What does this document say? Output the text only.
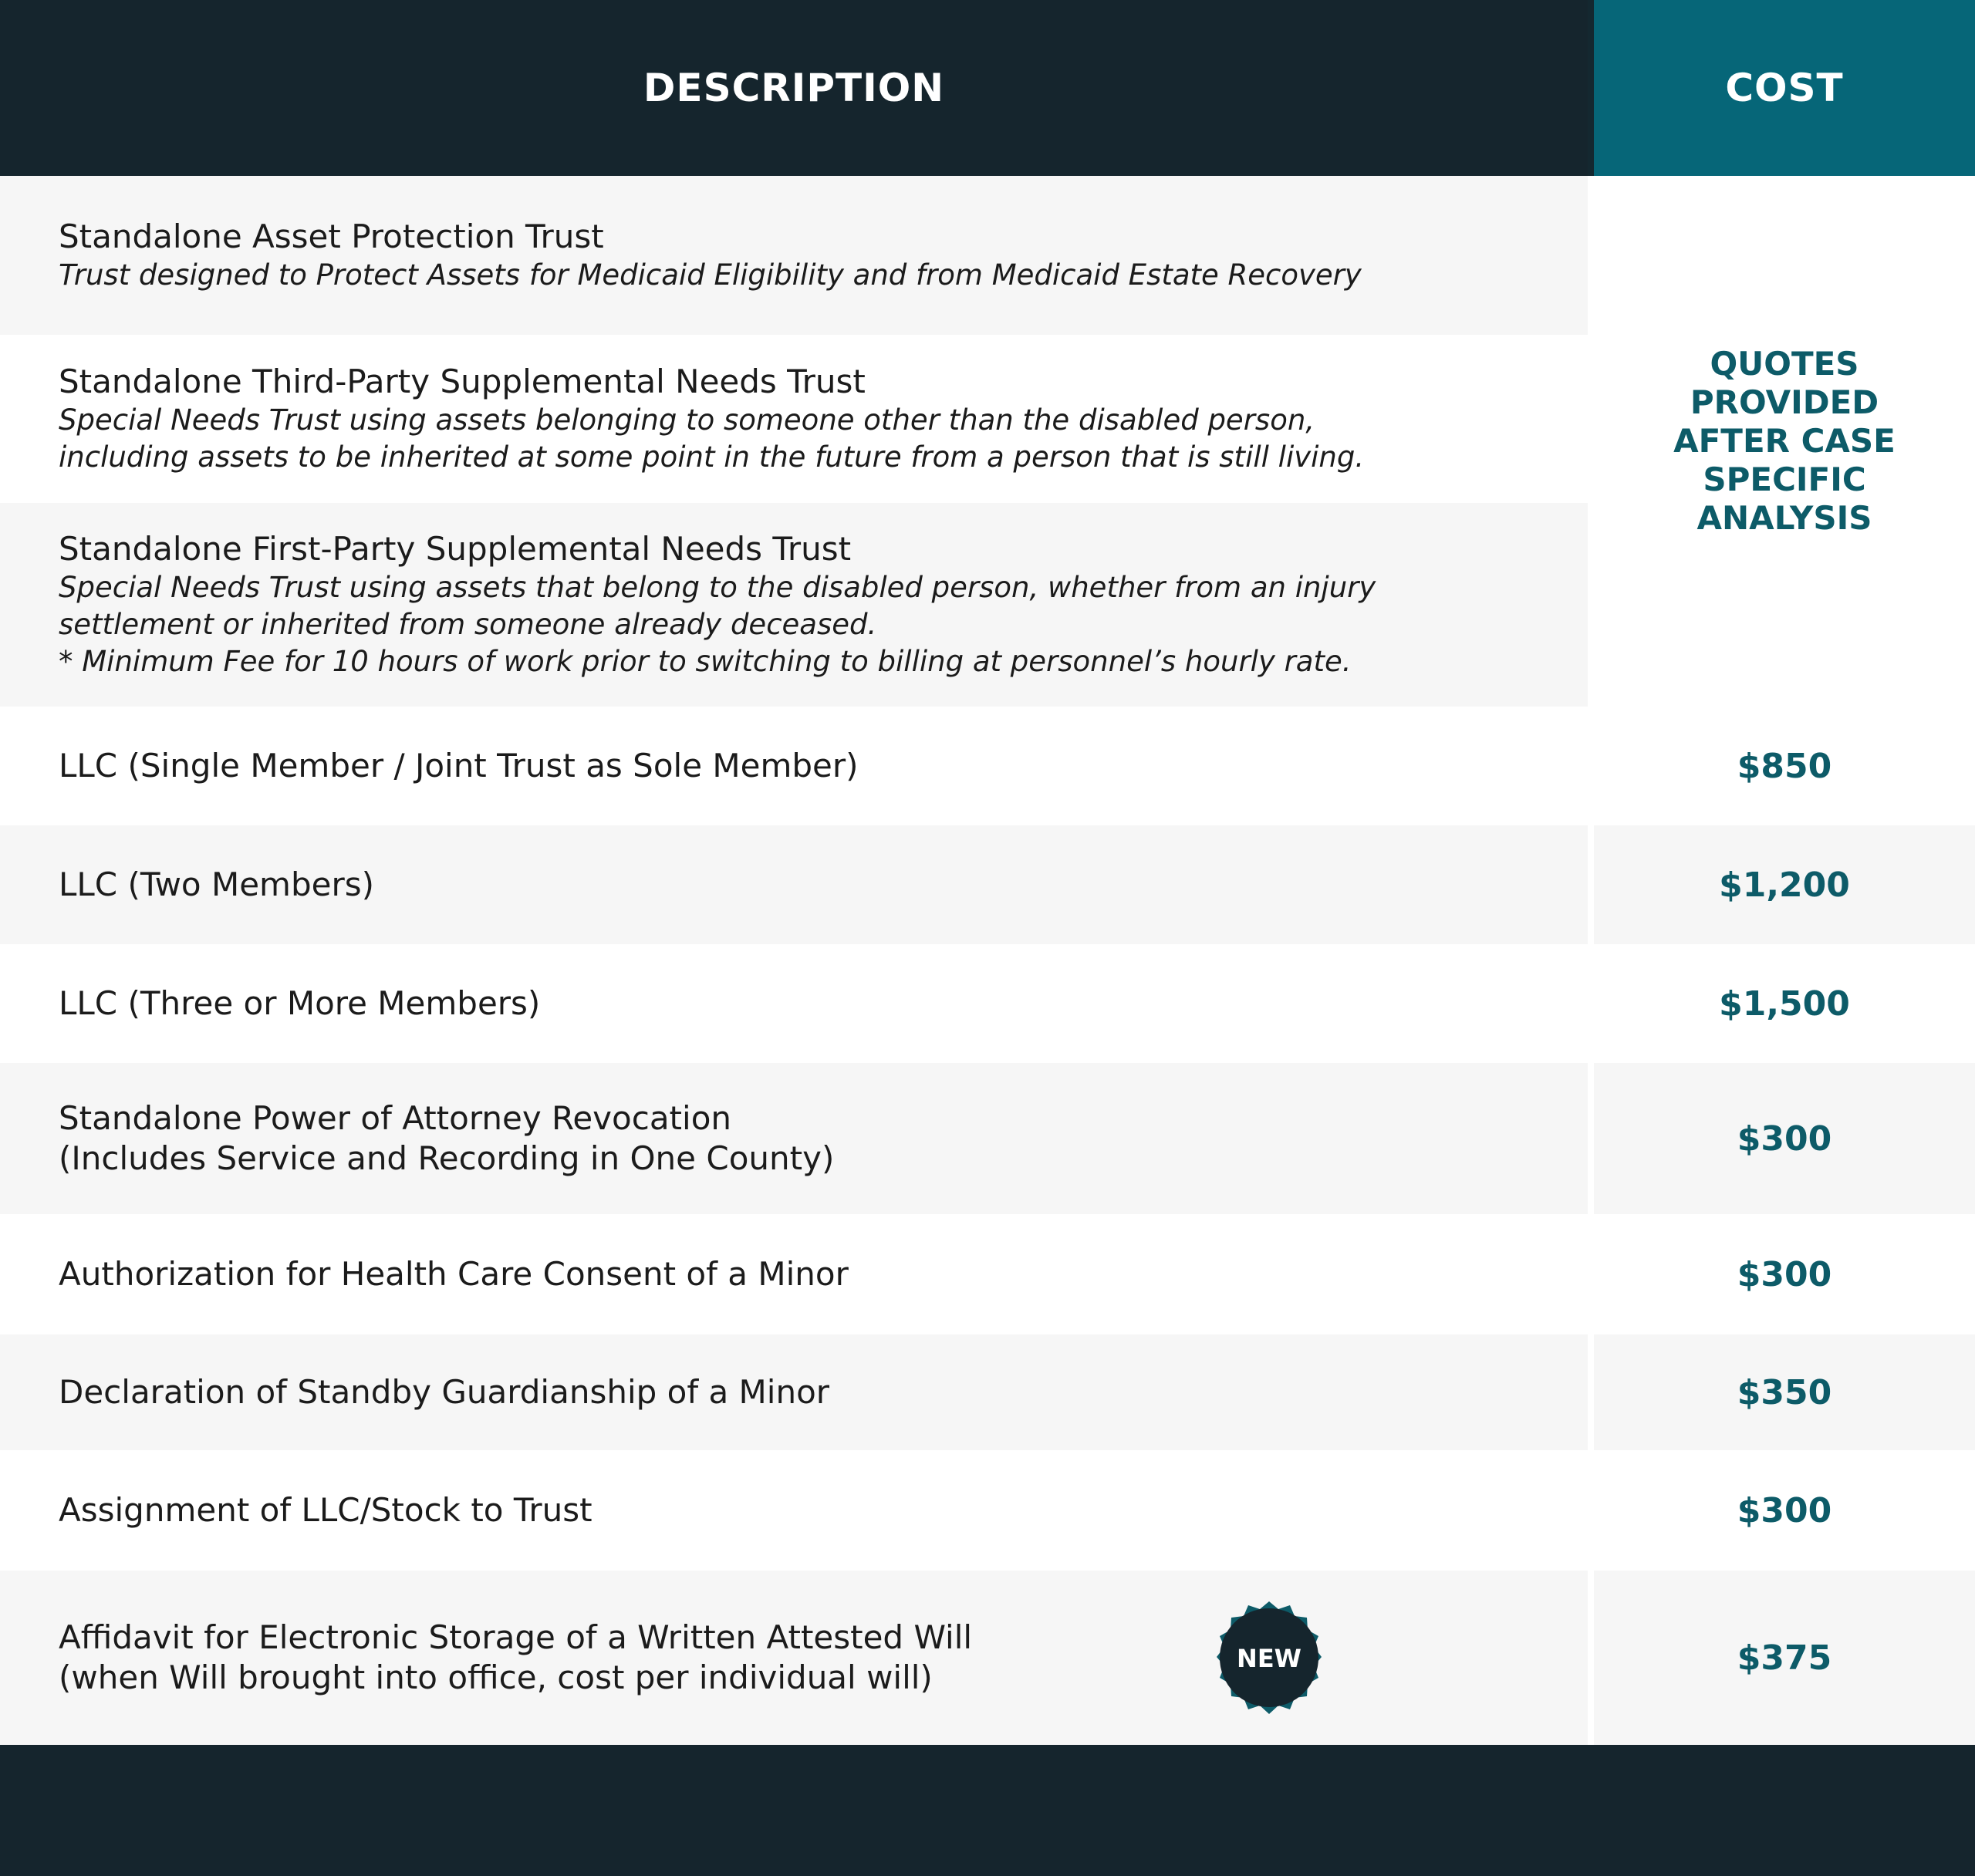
DESCRIPTION	COST
Standalone Asset Protection Trust
Trust designed to Protect Assets for Medicaid Eligibility and from Medicaid Estate Recovery
Standalone Third-Party Supplemental Needs Trust
Special Needs Trust using assets belonging to someone other than the disabled person,
including assets to be inherited at some point in the future from a person that is still living.
Standalone First-Party Supplemental Needs Trust
Special Needs Trust using assets that belong to the disabled person, whether from an injury
settlement or inherited from someone already deceased.
* Minimum Fee for 10 hours of work prior to switching to billing at personnel’s hourly rate.
LLC (Single Member / Joint Trust as Sole Member)
LLC (Two Members)
LLC (Three or More Members)
Standalone Power of Attorney Revocation
(Includes Service and Recording in One County)
Authorization for Health Care Consent of a Minor
Declaration of Standby Guardianship of a Minor
Assignment of LLC/Stock to Trust
Affidavit for Electronic Storage of a Written Attested Will
(when Will brought into office, cost per individual will)	NEW
QUOTES
PROVIDED
AFTER CASE
SPECIFIC
ANALYSIS
$850
$1,200
$1,500
$300
$300
$350
$300
$375
